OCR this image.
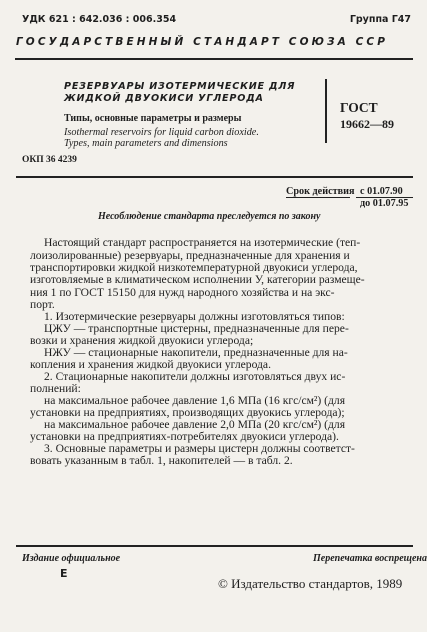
УДК 621 : 642.036 : 006.354	Группа Г47
ГОСУДАРСТВЕННЫЙ СТАНДАРТ СОЮЗА ССР
РЕЗЕРВУАРЫ ИЗОТЕРМИЧЕСКИЕ ДЛЯ
ЖИДКОЙ ДВУОКИСИ УГЛЕРОДА
Типы, основные параметры и размеры
Isothermal reservoirs for liquid carbon dioxide.
Types, main parameters and dimensions
ОКП 36 4239
ГОСТ
19662—89
Срок действия с 01.07.90
до 01.07.95
Несоблюдение стандарта преследуется по закону
Настоящий стандарт распространяется на изотермические (теп-
лоизолированные) резервуары, предназначенные для хранения и
транспортировки жидкой низкотемпературной двуокиси углерода,
изготовляемые в климатическом исполнении У, категории размеще-
ния 1 по ГОСТ 15150 для нужд народного хозяйства и на экс-
порт.
1. Изотермические резервуары должны изготовляться типов:
ЦЖУ — транспортные цистерны, предназначенные для пере-
возки и хранения жидкой двуокиси углерода;
НЖУ — стационарные накопители, предназначенные для на-
копления и хранения жидкой двуокиси углерода.
2. Стационарные накопители должны изготовляться двух ис-
полнений:
на максимальное рабочее давление 1,6 МПа (16 кгс/см²) (для
установки на предприятиях, производящих двуокись углерода);
на максимальное рабочее давление 2,0 МПа (20 кгс/см²) (для
установки на предприятиях-потребителях двуокиси углерода).
3. Основные параметры и размеры цистерн должны соответст-
вовать указанным в табл. 1, накопителей — в табл. 2.
Издание официальное	Перепечатка воспрещена
Е
© Издательство стандартов, 1989
